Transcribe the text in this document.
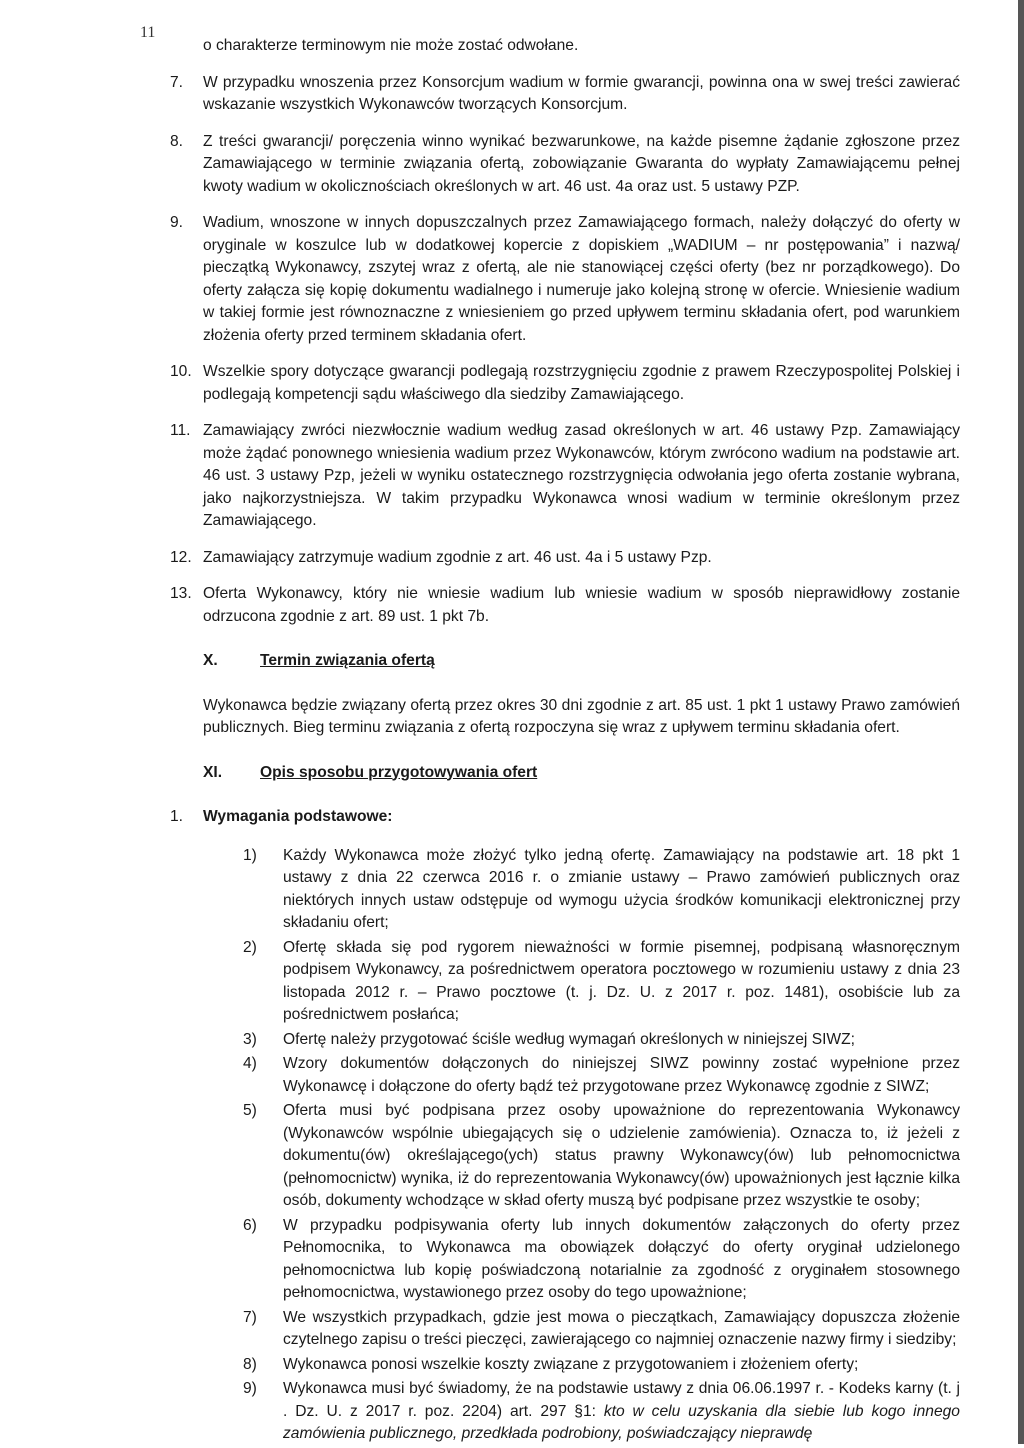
11

o charakterze terminowym nie może zostać odwołane.

7.	W przypadku wnoszenia przez Konsorcjum wadium w formie gwarancji, powinna ona w swej treści zawierać wskazanie wszystkich Wykonawców tworzących Konsorcjum.
8.	Z treści gwarancji/ poręczenia winno wynikać bezwarunkowe, na każde pisemne żądanie zgłoszone przez Zamawiającego w terminie związania ofertą, zobowiązanie Gwaranta do wypłaty Zamawiającemu pełnej kwoty wadium w okolicznościach określonych w art. 46 ust. 4a oraz ust. 5 ustawy PZP.
9.	Wadium, wnoszone w innych dopuszczalnych przez Zamawiającego formach, należy dołączyć do oferty w oryginale w koszulce lub w dodatkowej kopercie z dopiskiem „WADIUM – nr postępowania” i nazwą/ pieczątką Wykonawcy, zszytej wraz z ofertą, ale nie stanowiącej części oferty (bez nr porządkowego). Do oferty załącza się kopię dokumentu wadialnego i numeruje jako kolejną stronę w ofercie. Wniesienie wadium w takiej formie jest równoznaczne z wniesieniem go przed upływem terminu składania ofert, pod warunkiem złożenia oferty przed terminem składania ofert.
10. Wszelkie spory dotyczące gwarancji podlegają rozstrzygnięciu zgodnie z prawem Rzeczypospolitej Polskiej i podlegają kompetencji sądu właściwego dla siedziby Zamawiającego.
11. Zamawiający zwróci niezwłocznie wadium według zasad określonych w art. 46 ustawy Pzp. Zamawiający może żądać ponownego wniesienia wadium przez Wykonawców, którym zwrócono wadium na podstawie art. 46 ust. 3 ustawy Pzp, jeżeli w wyniku ostatecznego rozstrzygnięcia odwołania jego oferta zostanie wybrana, jako najkorzystniejsza. W takim przypadku Wykonawca wnosi wadium w terminie określonym przez Zamawiającego.
12. Zamawiający zatrzymuje wadium zgodnie z art. 46 ust. 4a i 5 ustawy Pzp.
13. Oferta Wykonawcy, który nie wniesie wadium lub wniesie wadium w sposób nieprawidłowy zostanie odrzucona zgodnie z art. 89 ust. 1 pkt 7b.
X.	Termin związania ofertą

Wykonawca będzie związany ofertą przez okres 30 dni zgodnie z art. 85 ust. 1 pkt 1 ustawy Prawo zamówień publicznych. Bieg terminu związania z ofertą rozpoczyna się wraz z upływem terminu składania ofert.

XI.	Opis sposobu przygotowywania ofert
1.	Wymagania podstawowe:
1)	Każdy Wykonawca może złożyć tylko jedną ofertę. Zamawiający na podstawie art. 18 pkt 1 ustawy z dnia 22 czerwca 2016 r. o zmianie ustawy – Prawo zamówień publicznych oraz niektórych innych ustaw odstępuje od wymogu użycia środków komunikacji elektronicznej przy składaniu ofert;
2)	Ofertę składa się pod rygorem nieważności w formie pisemnej, podpisaną własnoręcznym podpisem Wykonawcy, za pośrednictwem operatora pocztowego w rozumieniu ustawy z dnia 23 listopada 2012 r. – Prawo pocztowe (t. j. Dz. U. z 2017 r. poz. 1481), osobiście lub za pośrednictwem posłańca;
3)	Ofertę należy przygotować ściśle według wymagań określonych w niniejszej SIWZ;
4)	Wzory dokumentów dołączonych do niniejszej SIWZ powinny zostać wypełnione przez Wykonawcę i dołączone do oferty bądź też przygotowane przez Wykonawcę zgodnie z SIWZ;
5)	Oferta musi być podpisana przez osoby upoważnione do reprezentowania Wykonawcy (Wykonawców wspólnie ubiegających się o udzielenie zamówienia). Oznacza to, iż jeżeli z dokumentu(ów) określającego(ych) status prawny Wykonawcy(ów) lub pełnomocnictwa (pełnomocnictw) wynika, iż do reprezentowania Wykonawcy(ów) upoważnionych jest łącznie kilka osób, dokumenty wchodzące w skład oferty muszą być podpisane przez wszystkie te osoby;
6)	W przypadku podpisywania oferty lub innych dokumentów załączonych do oferty przez Pełnomocnika, to Wykonawca ma obowiązek dołączyć do oferty oryginał udzielonego pełnomocnictwa lub kopię poświadczoną notarialnie za zgodność z oryginałem stosownego pełnomocnictwa, wystawionego przez osoby do tego upoważnione;
7)	We wszystkich przypadkach, gdzie jest mowa o pieczątkach, Zamawiający dopuszcza złożenie czytelnego zapisu o treści pieczęci, zawierającego co najmniej oznaczenie nazwy firmy i siedziby;
8)	Wykonawca ponosi wszelkie koszty związane z przygotowaniem i złożeniem oferty;
9)	Wykonawca musi być świadomy, że na podstawie ustawy z dnia 06.06.1997 r. - Kodeks karny (t. j . Dz. U. z 2017 r. poz. 2204) art. 297 §1: kto w celu uzyskania dla siebie lub kogo innego zamówienia publicznego, przedkłada podrobiony, poświadczający nieprawdę
